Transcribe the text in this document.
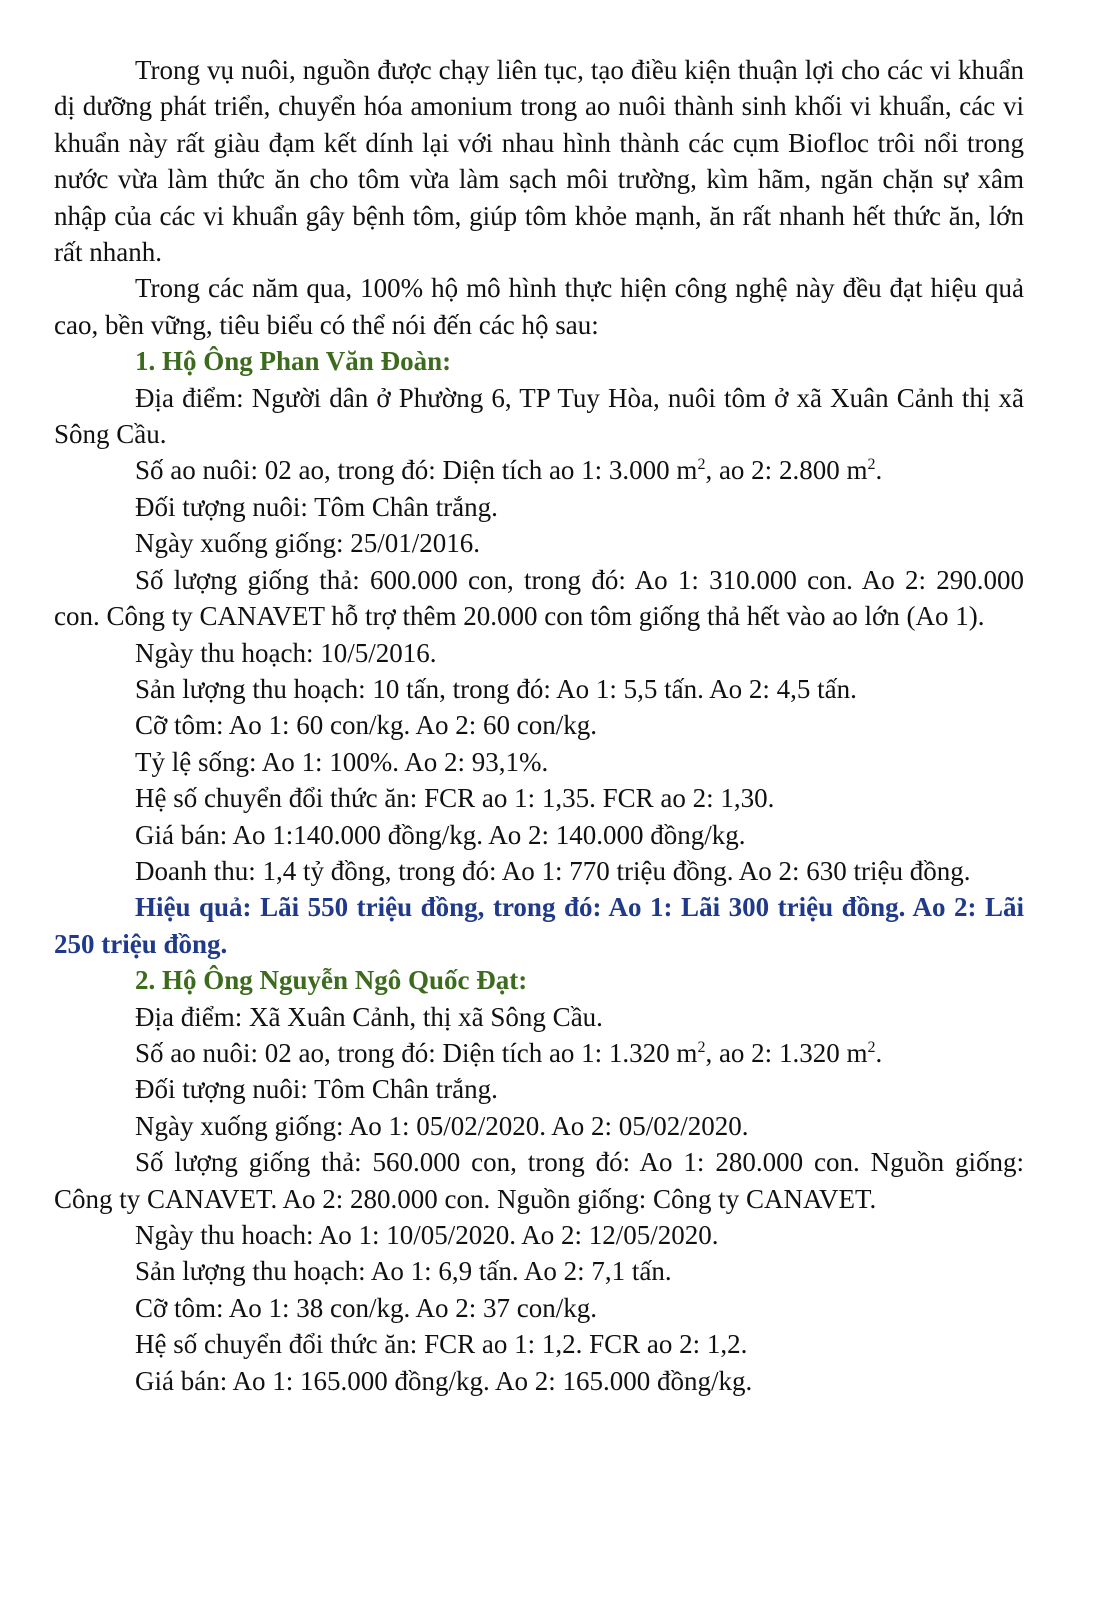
Trong vụ nuôi, nguồn được chạy liên tục, tạo điều kiện thuận lợi cho các vi khuẩn dị dưỡng phát triển, chuyển hóa amonium trong ao nuôi thành sinh khối vi khuẩn, các vi khuẩn này rất giàu đạm kết dính lại với nhau hình thành các cụm Biofloc trôi nổi trong nước vừa làm thức ăn cho tôm vừa làm sạch môi trường, kìm hãm, ngăn chặn sự xâm nhập của các vi khuẩn gây bệnh tôm, giúp tôm khỏe mạnh, ăn rất nhanh hết thức ăn, lớn rất nhanh.

Trong các năm qua, 100% hộ mô hình thực hiện công nghệ này đều đạt hiệu quả cao, bền vững, tiêu biểu có thể nói đến các hộ sau:

1. Hộ Ông Phan Văn Đoàn:

Địa điểm: Người dân ở Phường 6, TP Tuy Hòa, nuôi tôm ở xã Xuân Cảnh thị xã Sông Cầu.

Số ao nuôi: 02 ao, trong đó: Diện tích ao 1: 3.000 $m^2$, ao 2: 2.800 $m^2$.

Đối tượng nuôi: Tôm Chân trắng.

Ngày xuống giống: 25/01/2016.

Số lượng giống thả: 600.000 con, trong đó: Ao 1: 310.000 con. Ao 2: 290.000 con. Công ty CANAVET hỗ trợ thêm 20.000 con tôm giống thả hết vào ao lớn (Ao 1).

Ngày thu hoạch: 10/5/2016.

Sản lượng thu hoạch: 10 tấn, trong đó: Ao 1: 5,5 tấn. Ao 2: 4,5 tấn.

Cỡ tôm: Ao 1: 60 con/kg. Ao 2: 60 con/kg.

Tỷ lệ sống: Ao 1: 100%. Ao 2: 93,1%.

Hệ số chuyển đổi thức ăn: FCR ao 1: 1,35. FCR ao 2: 1,30.

Giá bán: Ao 1:140.000 đồng/kg. Ao 2: 140.000 đồng/kg.

Doanh thu: 1,4 tỷ đồng, trong đó: Ao 1: 770 triệu đồng. Ao 2: 630 triệu đồng.

Hiệu quả: Lãi 550 triệu đồng, trong đó: Ao 1: Lãi 300 triệu đồng. Ao 2: Lãi 250 triệu đồng.

2. Hộ Ông Nguyễn Ngô Quốc Đạt:

Địa điểm: Xã Xuân Cảnh, thị xã Sông Cầu.

Số ao nuôi: 02 ao, trong đó: Diện tích ao 1: 1.320 $m^2$, ao 2: 1.320 $m^2$.

Đối tượng nuôi: Tôm Chân trắng.

Ngày xuống giống: Ao 1: 05/02/2020. Ao 2: 05/02/2020.

Số lượng giống thả: 560.000 con, trong đó: Ao 1: 280.000 con. Nguồn giống: Công ty CANAVET. Ao 2: 280.000 con. Nguồn giống: Công ty CANAVET.

Ngày thu hoach: Ao 1: 10/05/2020. Ao 2: 12/05/2020.

Sản lượng thu hoạch: Ao 1: 6,9 tấn. Ao 2: 7,1 tấn.

Cỡ tôm: Ao 1: 38 con/kg. Ao 2: 37 con/kg.

Hệ số chuyển đổi thức ăn: FCR ao 1: 1,2. FCR ao 2: 1,2.

Giá bán: Ao 1: 165.000 đồng/kg. Ao 2: 165.000 đồng/kg.
